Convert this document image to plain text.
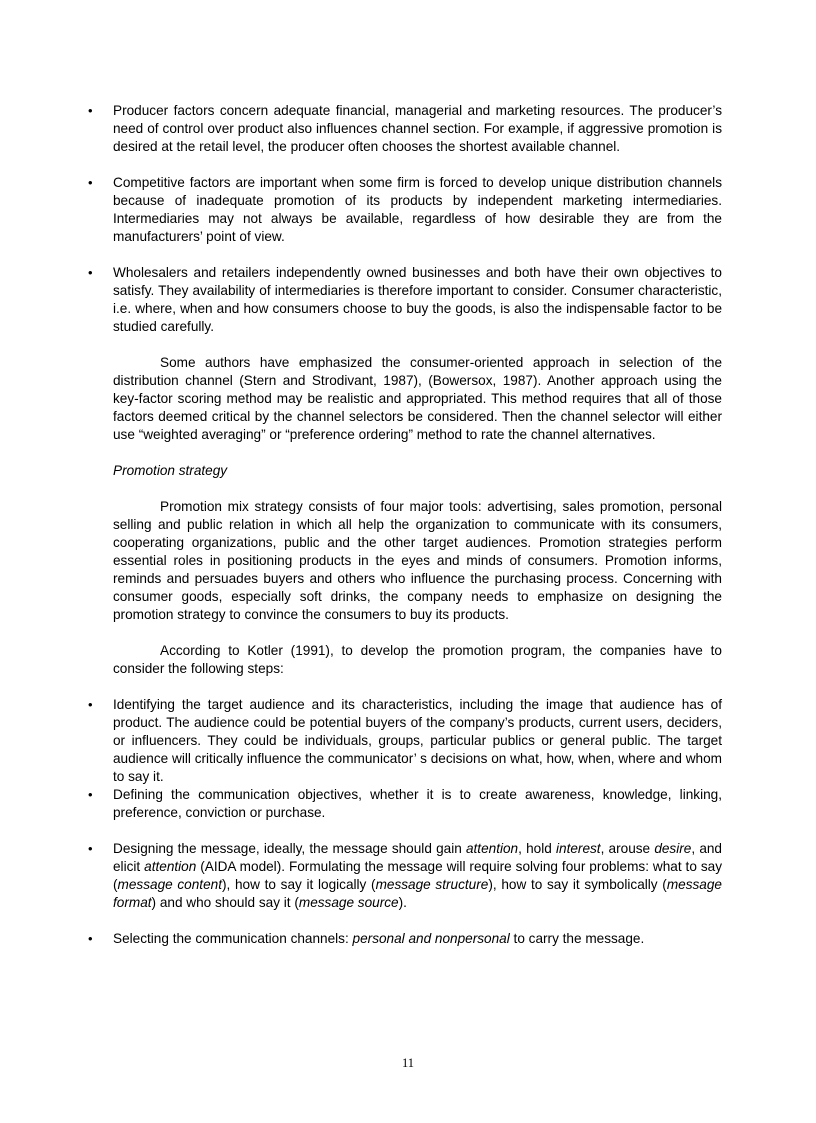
•	Producer factors concern adequate financial, managerial and marketing resources. The producer’s need of control over product also influences channel section. For example, if aggressive promotion is desired at the retail level, the producer often chooses the shortest available channel.
•	Competitive factors are important when some firm is forced to develop unique distribution channels because of inadequate promotion of its products by independent marketing intermediaries. Intermediaries may not always be available, regardless of how desirable they are from the manufacturers’ point of view.
•	Wholesalers and retailers independently owned businesses and both have their own objectives to satisfy. They availability of intermediaries is therefore important to consider. Consumer characteristic, i.e. where, when and how consumers choose to buy the goods, is also the indispensable factor to be studied carefully.
Some authors have emphasized the consumer-oriented approach in selection of the distribution channel (Stern and Strodivant, 1987), (Bowersox, 1987). Another approach using the key-factor scoring method may be realistic and appropriated. This method requires that all of those factors deemed critical by the channel selectors be considered. Then the channel selector will either use “weighted averaging” or “preference ordering” method to rate the channel alternatives.
Promotion strategy
Promotion mix strategy consists of four major tools: advertising, sales promotion, personal selling and public relation in which all help the organization to communicate with its consumers, cooperating organizations, public and the other target audiences. Promotion strategies perform essential roles in positioning products in the eyes and minds of consumers. Promotion informs, reminds and persuades buyers and others who influence the purchasing process. Concerning with consumer goods, especially soft drinks, the company needs to emphasize on designing the promotion strategy to convince the consumers to buy its products.
According to Kotler (1991), to develop the promotion program, the companies have to consider the following steps:
•	Identifying the target audience and its characteristics, including the image that audience has of product. The audience could be potential buyers of the company’s products, current users, deciders, or influencers. They could be individuals, groups, particular publics or general public. The target audience will critically influence the communicator’ s decisions on what, how, when, where and whom to say it.
•	Defining the communication objectives, whether it is to create awareness, knowledge, linking, preference, conviction or purchase.
•	Designing the message, ideally, the message should gain attention, hold interest, arouse desire, and elicit attention (AIDA model). Formulating the message will require solving four problems: what to say (message content), how to say it logically (message structure), how to say it symbolically (message format) and who should say it (message source).
•	Selecting the communication channels: personal and nonpersonal to carry the message.
11
